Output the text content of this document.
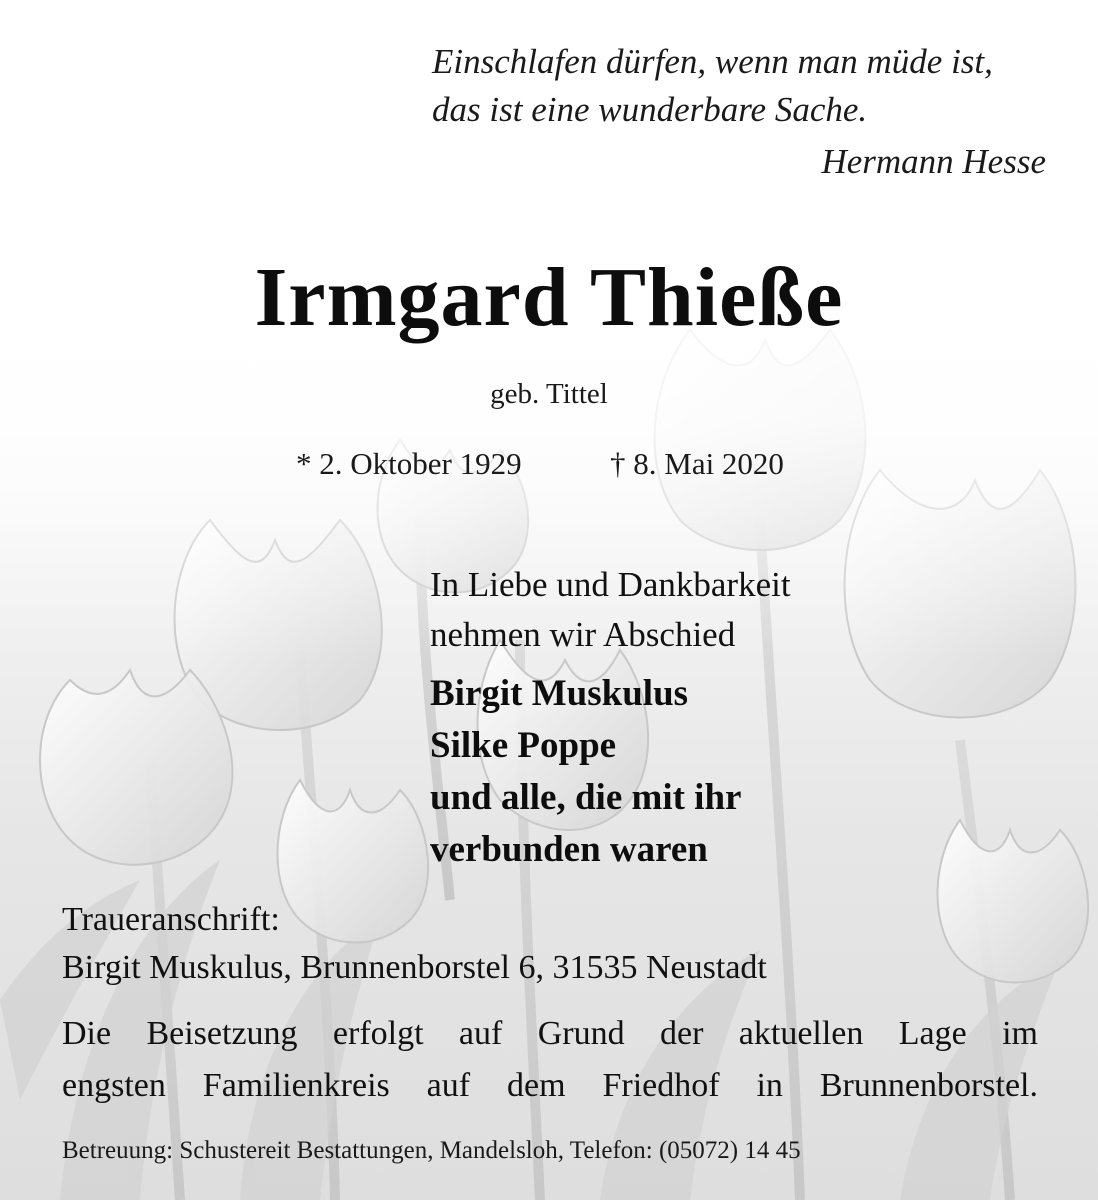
Einschlafen dürfen, wenn man müde ist,
das ist eine wunderbare Sache.
Hermann Hesse
Irmgard Thieße
geb. Tittel
* 2. Oktober 1929	† 8. Mai 2020
In Liebe und Dankbarkeit
nehmen wir Abschied
Birgit Muskulus
Silke Poppe
und alle, die mit ihr
verbunden waren
Traueranschrift:
Birgit Muskulus, Brunnenborstel 6, 31535 Neustadt
Die Beisetzung erfolgt auf Grund der aktuellen Lage im
engsten Familienkreis auf dem Friedhof in Brunnenborstel.
Betreuung: Schustereit Bestattungen, Mandelsloh, Telefon: (05072) 14 45
